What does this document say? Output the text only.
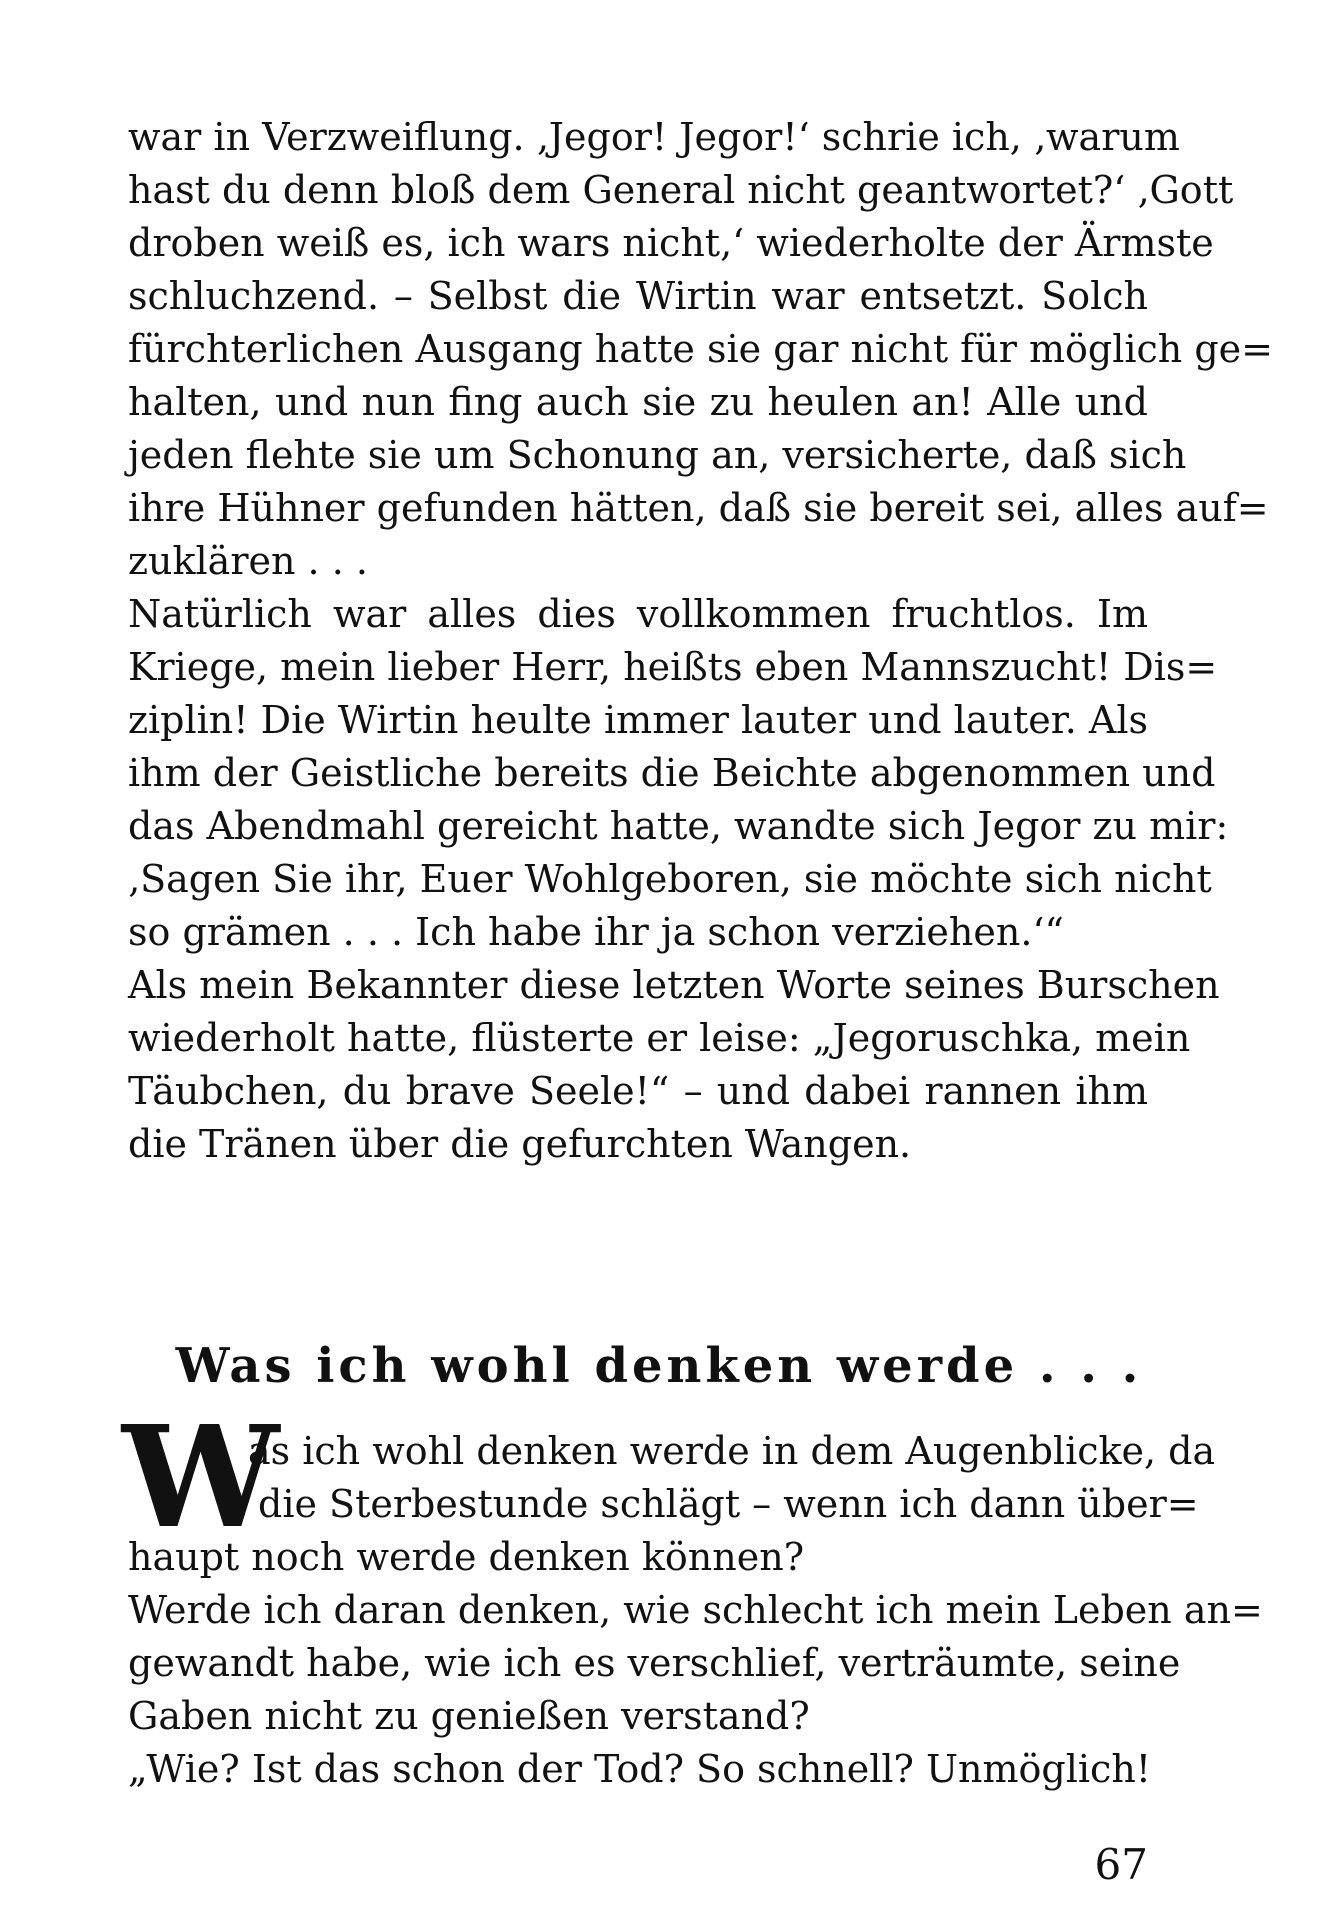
war in Verzweiflung. ‚Jegor! Jegor!‘ schrie ich, ‚warum
hast du denn bloß dem General nicht geantwortet?‘ ‚Gott
droben weiß es, ich wars nicht,‘ wiederholte der Ärmste
schluchzend. – Selbst die Wirtin war entsetzt. Solch
fürchterlichen Ausgang hatte sie gar nicht für möglich ge=
halten, und nun fing auch sie zu heulen an! Alle und
jeden flehte sie um Schonung an, versicherte, daß sich
ihre Hühner gefunden hätten, daß sie bereit sei, alles auf=
zuklären . . .
Natürlich war alles dies vollkommen fruchtlos. Im
Kriege, mein lieber Herr, heißts eben Mannszucht! Dis=
ziplin! Die Wirtin heulte immer lauter und lauter. Als
ihm der Geistliche bereits die Beichte abgenommen und
das Abendmahl gereicht hatte, wandte sich Jegor zu mir:
‚Sagen Sie ihr, Euer Wohlgeboren, sie möchte sich nicht
so grämen . . . Ich habe ihr ja schon verziehen.‘“
Als mein Bekannter diese letzten Worte seines Burschen
wiederholt hatte, flüsterte er leise: „Jegoruschka, mein
Täubchen, du brave Seele!“ – und dabei rannen ihm
die Tränen über die gefurchten Wangen.
Was ich wohl denken werde . . .
W
as ich wohl denken werde in dem Augenblicke, da
die Sterbestunde schlägt – wenn ich dann über=
haupt noch werde denken können?
Werde ich daran denken, wie schlecht ich mein Leben an=
gewandt habe, wie ich es verschlief, verträumte, seine
Gaben nicht zu genießen verstand?
„Wie? Ist das schon der Tod? So schnell? Unmöglich!
67
